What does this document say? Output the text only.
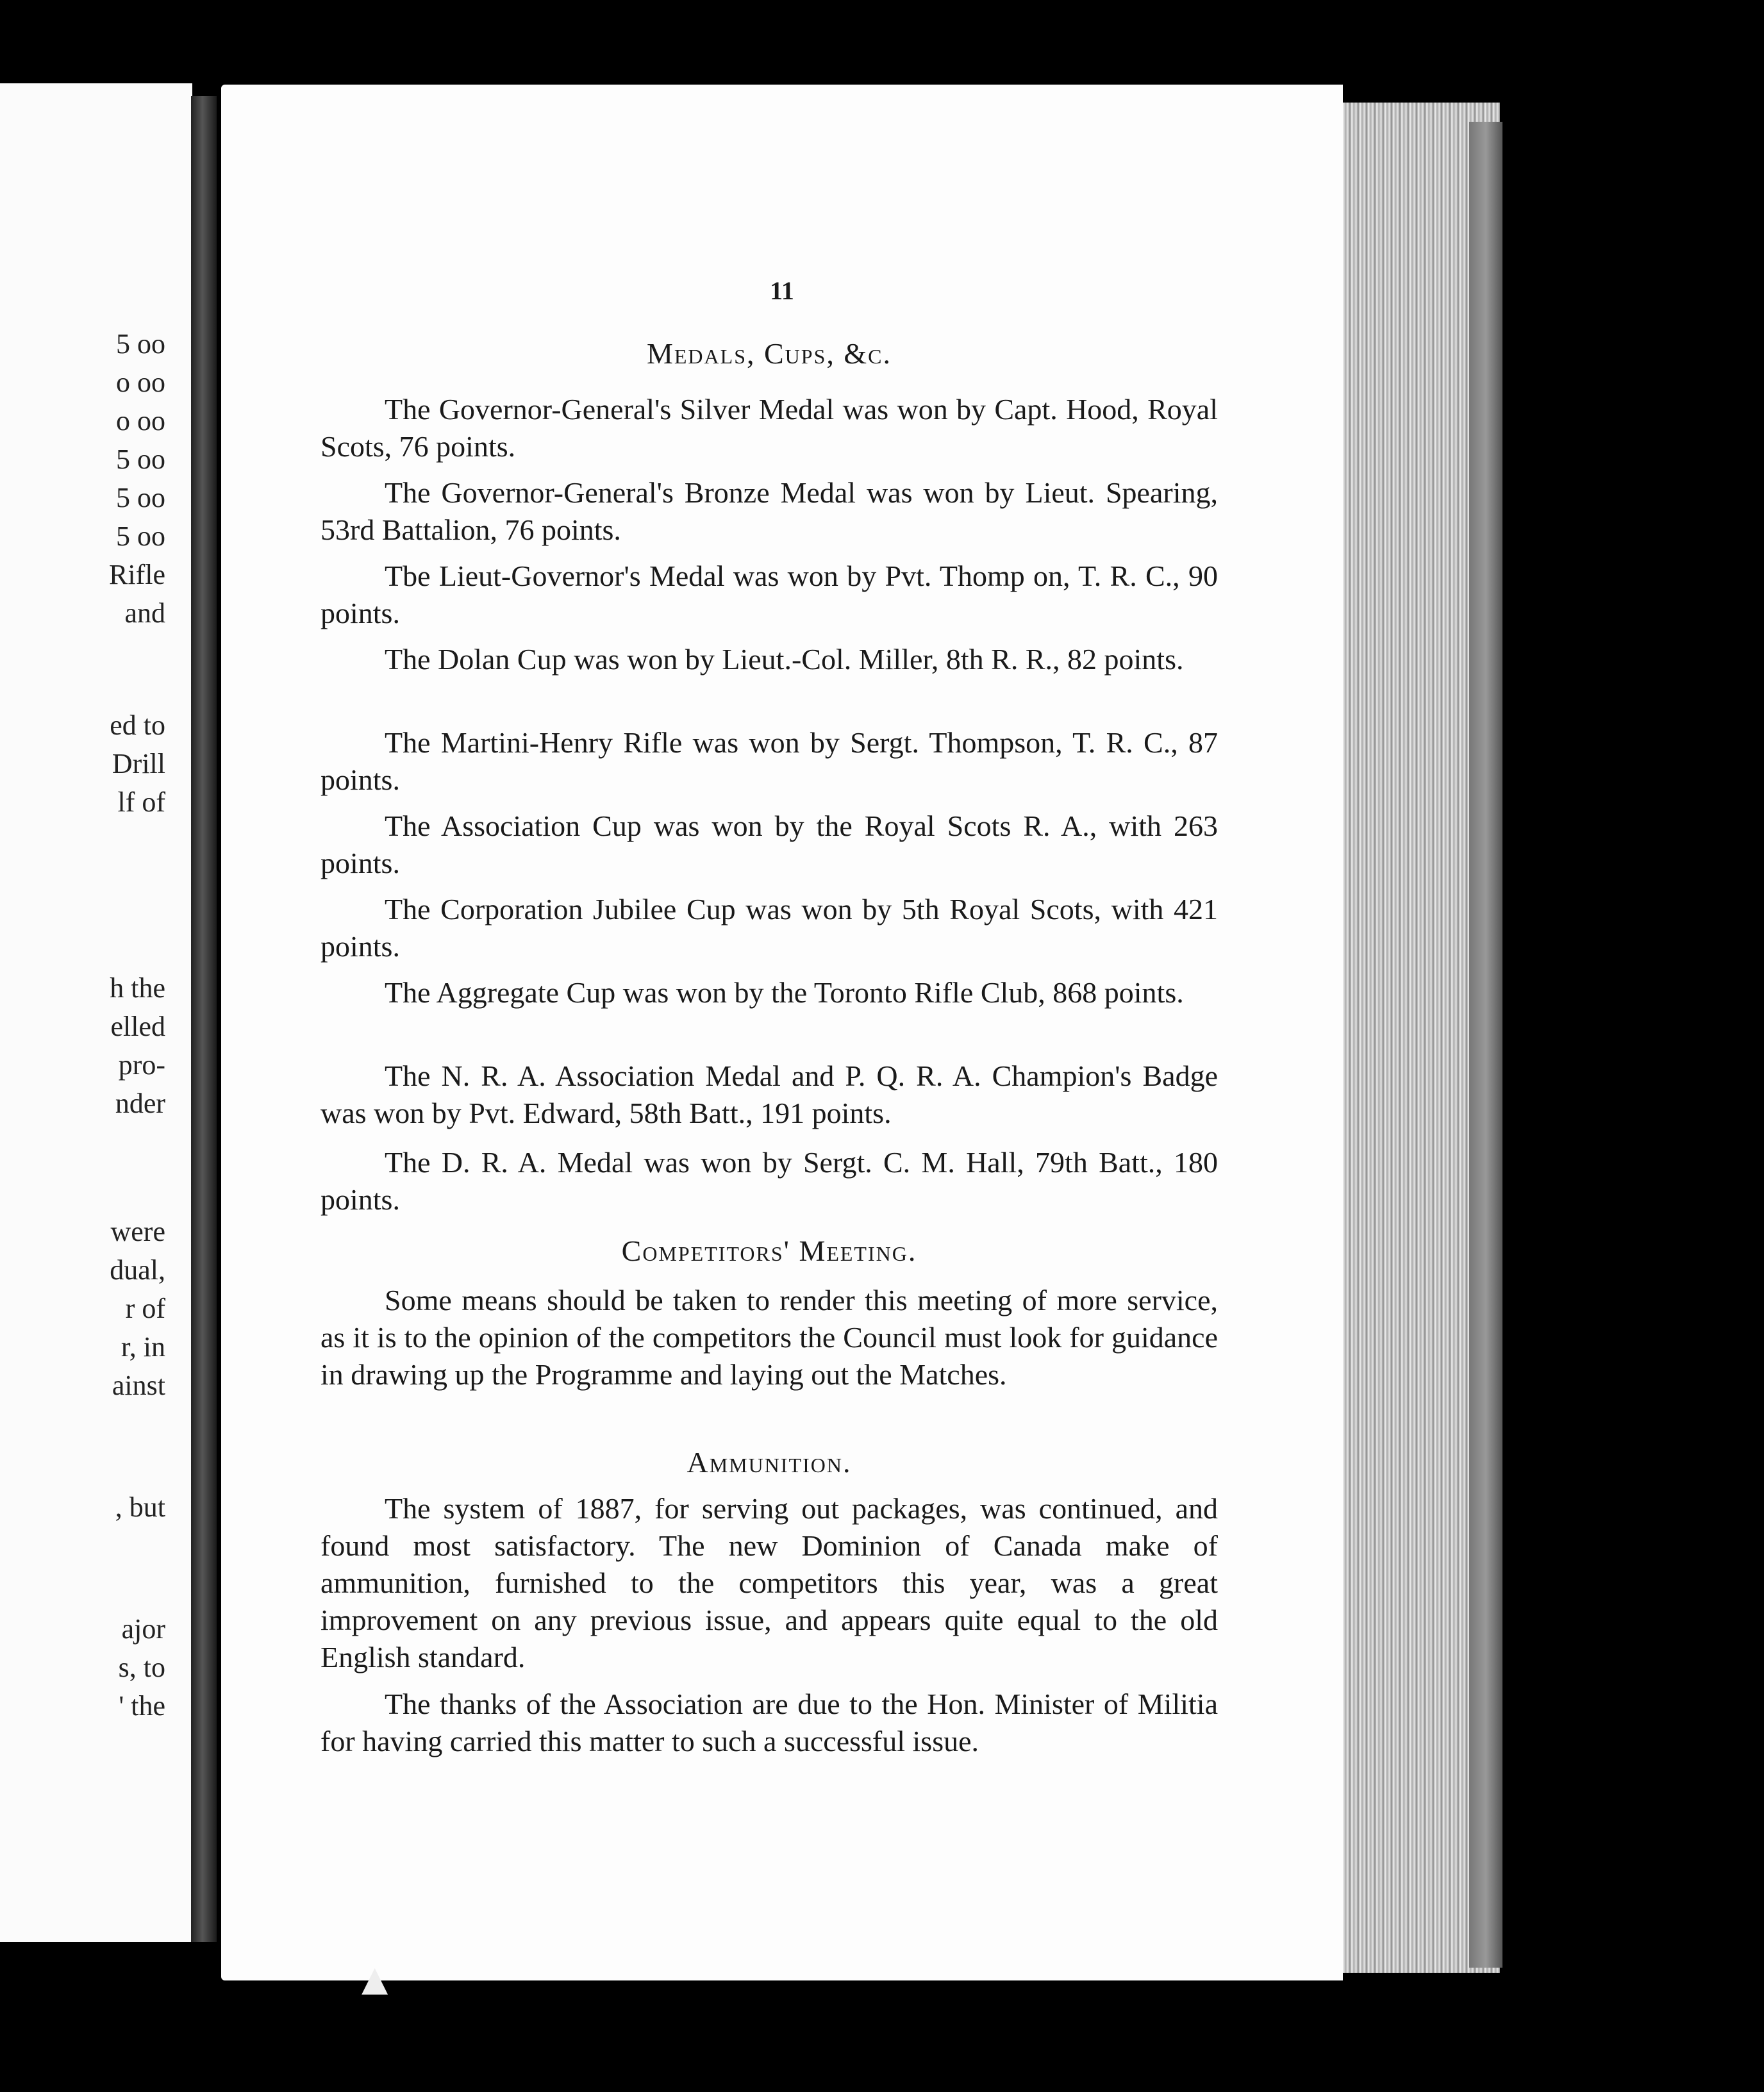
5 oo
o oo
o oo
5 oo
5 oo
5 oo
Rifle
and
ed to
Drill
lf of
h the
elled
pro-
nder
were
dual,
r of
r, in
ainst
, but
ajor
s, to
' the
11
Medals, Cups, &c.
The Governor-General's Silver Medal was won by Capt. Hood, Royal Scots, 76 points.
The Governor-General's Bronze Medal was won by Lieut. Spearing, 53rd Battalion, 76 points.
Tbe Lieut-Governor's Medal was won by Pvt. Thomp on, T. R. C., 90 points.
The Dolan Cup was won by Lieut.-Col. Miller, 8th R. R., 82 points.
The Martini-Henry Rifle was won by Sergt. Thompson, T. R. C., 87 points.
The Association Cup was won by the Royal Scots R. A., with 263 points.
The Corporation Jubilee Cup was won by 5th Royal Scots, with 421 points.
The Aggregate Cup was won by the Toronto Rifle Club, 868 points.
The N. R. A. Association Medal and P. Q. R. A. Champion's Badge was won by Pvt. Edward, 58th Batt., 191 points.
The D. R. A. Medal was won by Sergt. C. M. Hall, 79th Batt., 180 points.
Competitors' Meeting.
Some means should be taken to render this meeting of more service, as it is to the opinion of the competitors the Council must look for guidance in drawing up the Programme and laying out the Matches.
Ammunition.
The system of 1887, for serving out packages, was continued, and found most satisfactory. The new Dominion of Canada make of ammunition, furnished to the competitors this year, was a great improvement on any previous issue, and appears quite equal to the old English standard.
The thanks of the Association are due to the Hon. Minister of Militia for having carried this matter to such a successful issue.
▲
